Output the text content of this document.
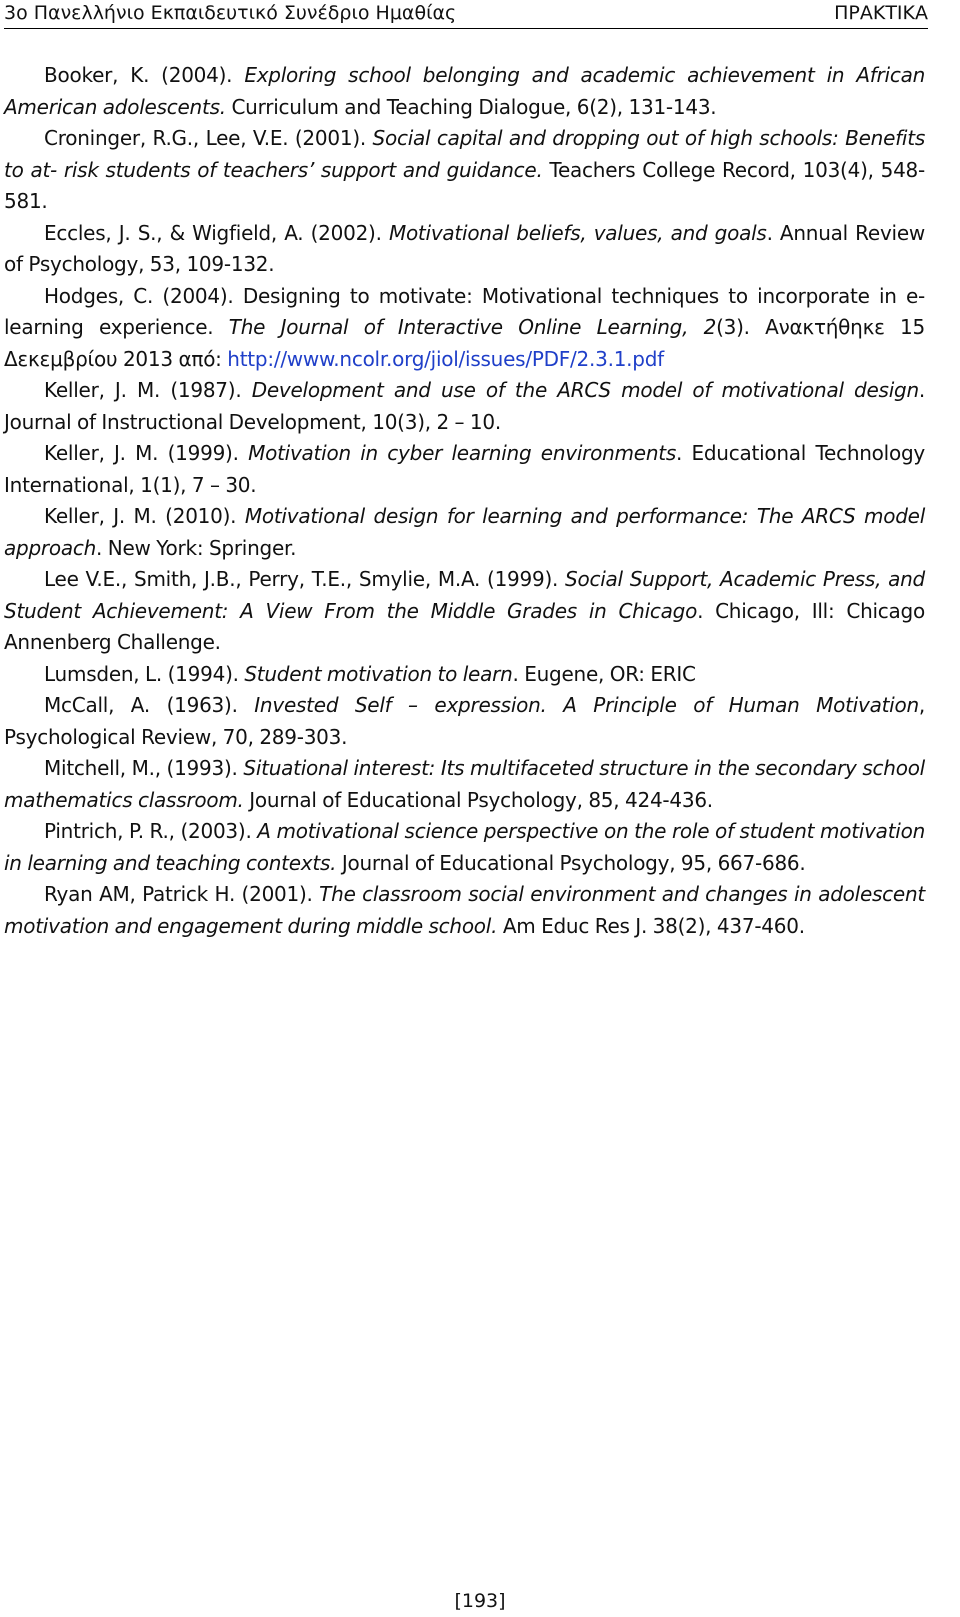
3ο Πανελλήνιο Εκπαιδευτικό Συνέδριο Ημαθίας	ΠΡΑΚΤΙΚΑ

Booker, K. (2004). Exploring school belonging and academic achievement in African American adolescents. Curriculum and Teaching Dialogue, 6(2), 131-143.

Croninger, R.G., Lee, V.E. (2001). Social capital and dropping out of high schools: Benefits to at- risk students of teachers’ support and guidance. Teachers College Record, 103(4), 548-581.

Eccles, J. S., & Wigfield, A. (2002). Motivational beliefs, values, and goals. Annual Review of Psychology, 53, 109-132.

Hodges, C. (2004). Designing to motivate: Motivational techniques to incorporate in e-learning experience. The Journal of Interactive Online Learning, 2(3). Ανακτήθηκε 15 Δεκεμβρίου 2013 από: http://www.ncolr.org/jiol/issues/PDF/2.3.1.pdf

Keller, J. M. (1987). Development and use of the ARCS model of motivational design. Journal of Instructional Development, 10(3), 2 – 10.

Keller, J. M. (1999). Motivation in cyber learning environments. Educational Technology International, 1(1), 7 – 30.

Keller, J. M. (2010). Motivational design for learning and performance: The ARCS model approach. New York: Springer.

Lee V.E., Smith, J.B., Perry, T.E., Smylie, M.A. (1999). Social Support, Academic Press, and Student Achievement: A View From the Middle Grades in Chicago. Chicago, Ill: Chicago Annenberg Challenge.

Lumsden, L. (1994). Student motivation to learn. Eugene, OR: ERIC

McCall, A. (1963). Invested Self – expression. A Principle of Human Motivation, Psychological Review, 70, 289-303.

Mitchell, M., (1993). Situational interest: Its multifaceted structure in the secondary school mathematics classroom. Journal of Educational Psychology, 85, 424-436.

Pintrich, P. R., (2003). A motivational science perspective on the role of student motivation in learning and teaching contexts. Journal of Educational Psychology, 95, 667-686.

Ryan AM, Patrick H. (2001). The classroom social environment and changes in adolescent motivation and engagement during middle school. Am Educ Res J. 38(2), 437-460.

[193]
